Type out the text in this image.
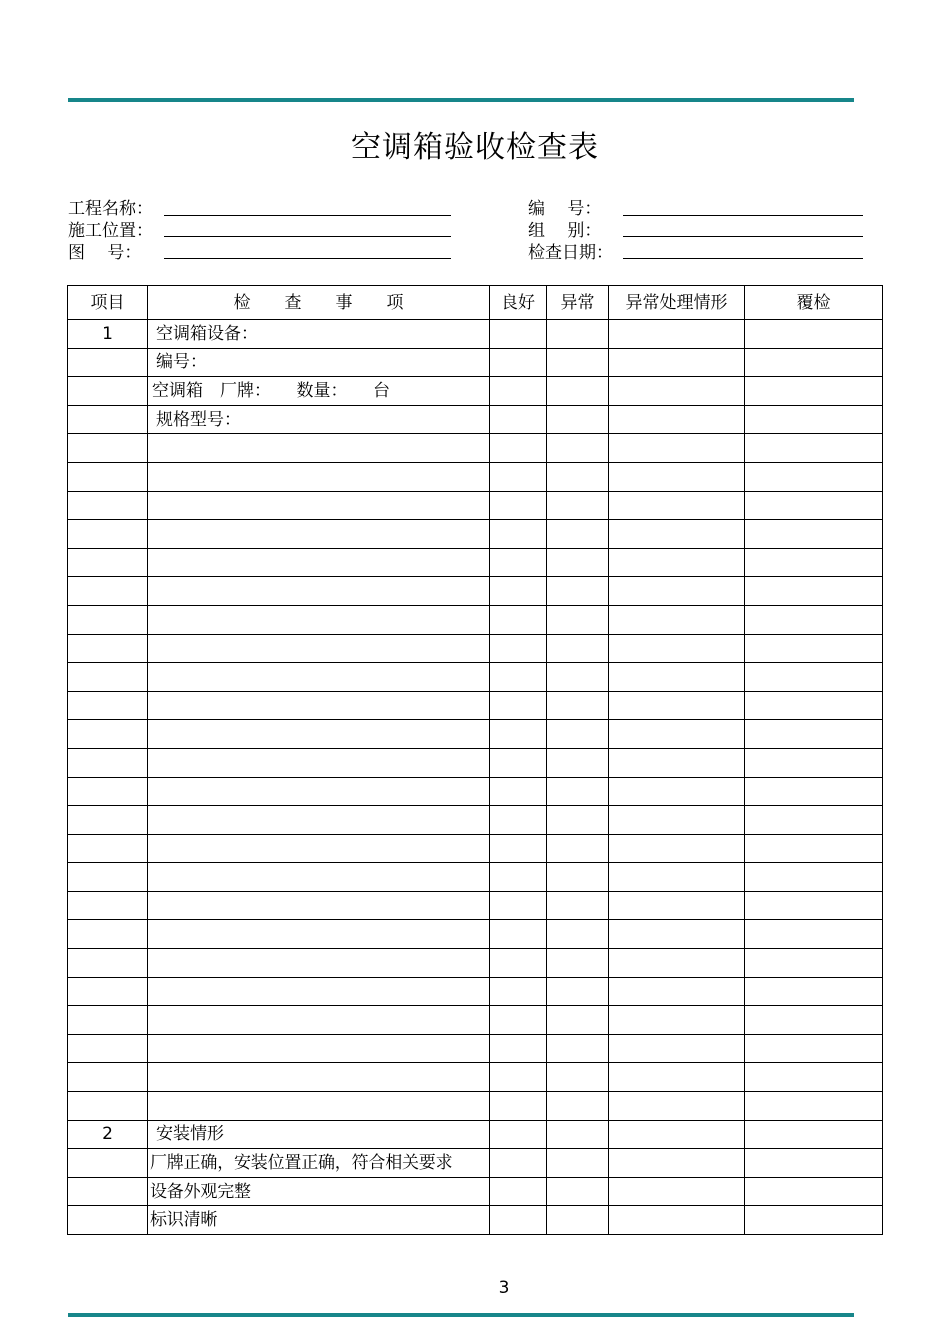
空调箱验收检查表
工程名称：
施工位置：
图　 号：
编　 号：
组　 别：
检查日期：
项目	检　　查　　事　　项	良好	异常	异常处理情形	覆检
1	空调箱设备：				
	编号：				
	空调箱　厂牌：　　数量：　　台				
	规格型号：				

2	安装情形				
	厂牌正确，安装位置正确，符合相关要求				
	设备外观完整				
	标识清晰				
3
